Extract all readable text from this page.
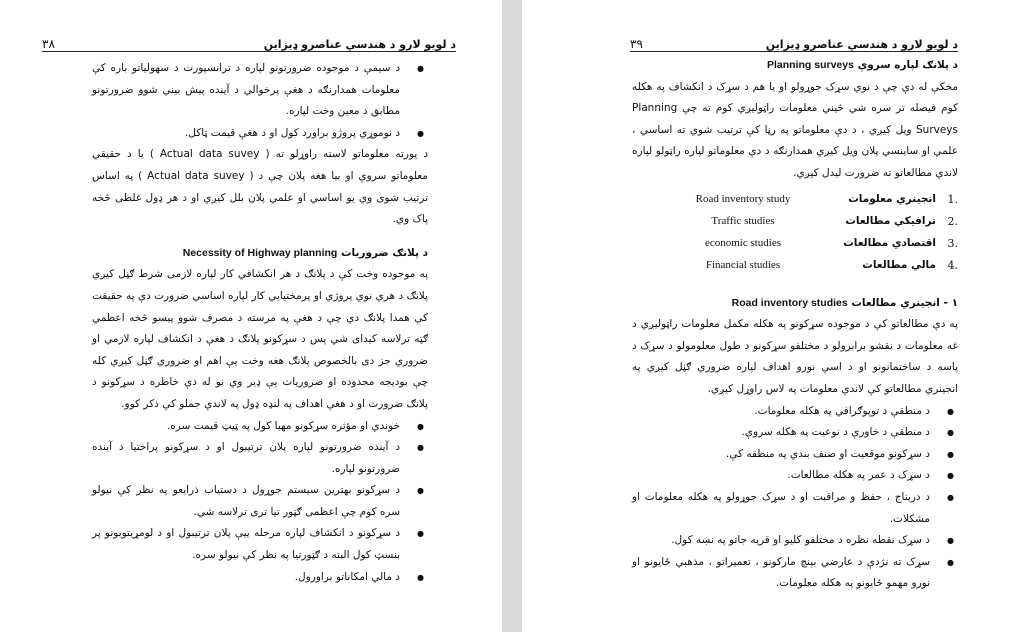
۳۸	د لویو لارو د هندسي عناصرو ډیزاین
● د سیمې د موجوده ضرورتونو لپاره د ترانسپورت د سهولیاتو باره کې معلومات همدارنګه د هغې پرخوالي د آینده پیش بیني شوو ضرورتونو مطابق د معین وخت لپاره.
● د نوموړي پروژو براورد کول او د هغې قیمت ټاکل.

د پورته معلوماتو لاسته راوړلو ته ( Actual data suvey ) یا د حقیقي معلوماتو سروې او بیا هغه پلان چې د ( Actual data suvey ) په اساس ترتیب شوی وي یو اساسي او علمي پلان بلل کیږي او د هر ډول غلطی څخه پاک وي.

د پلانګ ضروریات Necessity of Highway planning

په موجوده وخت کې د پلانګ د هر انکشافي کار لپاره لازمی شرط ګڼل کیږي پلانګ د هري نوي پروژي او پرمختیایي کار لپاره اساسي ضرورت دې په حقیقت کې همدا پلانګ دي چې د هغې په مرسته د مصرف شوو پیسو څخه اعظمي ګټه ترلاسه کیدای شي پس د سړکونو پلانګ د هغې د انکشاف لپاره لازمي او ضروري جز دی بالخصوص پلانګ هغه وخت یې اهم او ضروري ګڼل کیږي کله چې بودیجه محدوده او ضروریات یې ډیر وي نو له دې خاطره د سړکونو د پلانګ ضرورت او د هغې اهداف په لنډه ډول په لاندې جملو کې ذکر کوو.

● خوندي او مؤثره سړکونو مهیا کول په ټیټ قیمت سره.
● د آینده ضرورتونو لپاره پلان ترتیبول او د سړکونو پراختیا د آینده ضرورتونو لپاره.
● د سړکونو بهترین سیستم جوړول د دستیاب ذرایعو په نظر کې نیولو سره کوم چې اعظمی ګټور تیا تری ترلاسه شي.
● د سړکونو د انکشاف لپاره مرحله ییې پلان ترتیبول او د لومړیتوبونو پر بنسټ کول البته د ګټورتیا په نظر کې نیولو سره.
● د مالي امکاناتو براورول.
۳۹	د لویو لارو د هندسي عناصرو ډیزاین

د پلانګ لپاره سروې Planning surveys

مخکې له دې چې د نوي سړک جوړولو او یا هم د سړک د انکشاف په هکله کوم فیصله تر سره شي څیني معلومات راټولیږي کوم ته چې Planning Surveys ویل کیږي ، د دې معلوماتو په رڼا کې ترتیب شوي ته اساسي ، علمي او ساینسي پلان ویل کیږي همدارنګه د دې معلوماتو لپاره راټولو لپاره لاندې مطالعاتو ته ضرورت لیدل کیږي.

.1
انجینري معلومات
Road inventory study
.2
ترافیکي مطالعات
Traffic studies
.3
اقتصادي مطالعات
economic studies
.4
مالي مطالعات
Financial studies

۱ - انجینري مطالعات Road inventory studies

په دې مطالعاتو کې د موجوده سړکونو په هکله مکمل معلومات راټولیږي د غه معلومات د نقشو برابرولو د مختلفو سړکونو د طول معلومولو د سړک د پاسه د ساختمانونو او د اسې نورو اهداف لپاره ضروري ګڼل کیږي په انجینري مطالعاتو کې لاندې معلومات په لاس راوړل کیږي.

● د منطقې د توپوګرافي په هکله معلومات.
● د منطقې د خاورې د نوعیت په هکله سروې.
● د سړکونو موقعیت او صنف بندي په منطقه کې.
● د سړک د عمر په هکله مطالعات.
● د دریناج ، حفظ و مراقبت او د سړک جوړولو په هکله معلومات او مشکلات.
● د سړک نقطه نظره د مختلفو کلیو او قریه جاتو په نښه کول.
● سړک ته نژدې د عارضي بېنچ مارکونو ، تعمیراتو ، مذهبي ځایونو او نورو مهمو ځایونو په هکله معلومات.
